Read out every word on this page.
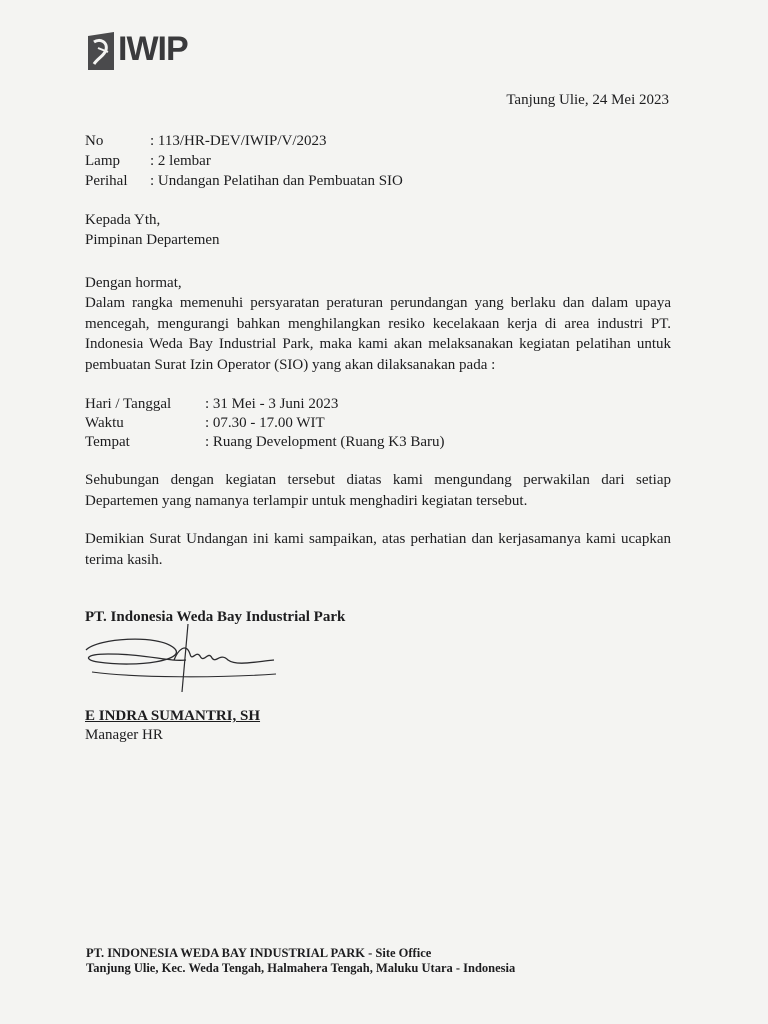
IWIP
Tanjung Ulie, 24 Mei 2023
No	: 113/HR-DEV/IWIP/V/2023
Lamp : 2 lembar
Perihal : Undangan Pelatihan dan Pembuatan SIO
Kepada Yth,
Pimpinan Departemen
Dengan hormat,
Dalam rangka memenuhi persyaratan peraturan perundangan yang berlaku dan dalam upaya mencegah, mengurangi bahkan menghilangkan resiko kecelakaan kerja di area industri PT. Indonesia Weda Bay Industrial Park, maka kami akan melaksanakan kegiatan pelatihan untuk pembuatan Surat Izin Operator (SIO) yang akan dilaksanakan pada :
Hari / Tanggal : 31 Mei - 3 Juni 2023
Waktu	: 07.30 - 17.00 WIT
Tempat	: Ruang Development (Ruang K3 Baru)
Sehubungan dengan kegiatan tersebut diatas kami mengundang perwakilan dari setiap Departemen yang namanya terlampir untuk menghadiri kegiatan tersebut.
Demikian Surat Undangan ini kami sampaikan, atas perhatian dan kerjasamanya kami ucapkan terima kasih.
PT. Indonesia Weda Bay Industrial Park
E INDRA SUMANTRI, SH
Manager HR
PT. INDONESIA WEDA BAY INDUSTRIAL PARK - Site Office
Tanjung Ulie, Kec. Weda Tengah, Halmahera Tengah, Maluku Utara - Indonesia
